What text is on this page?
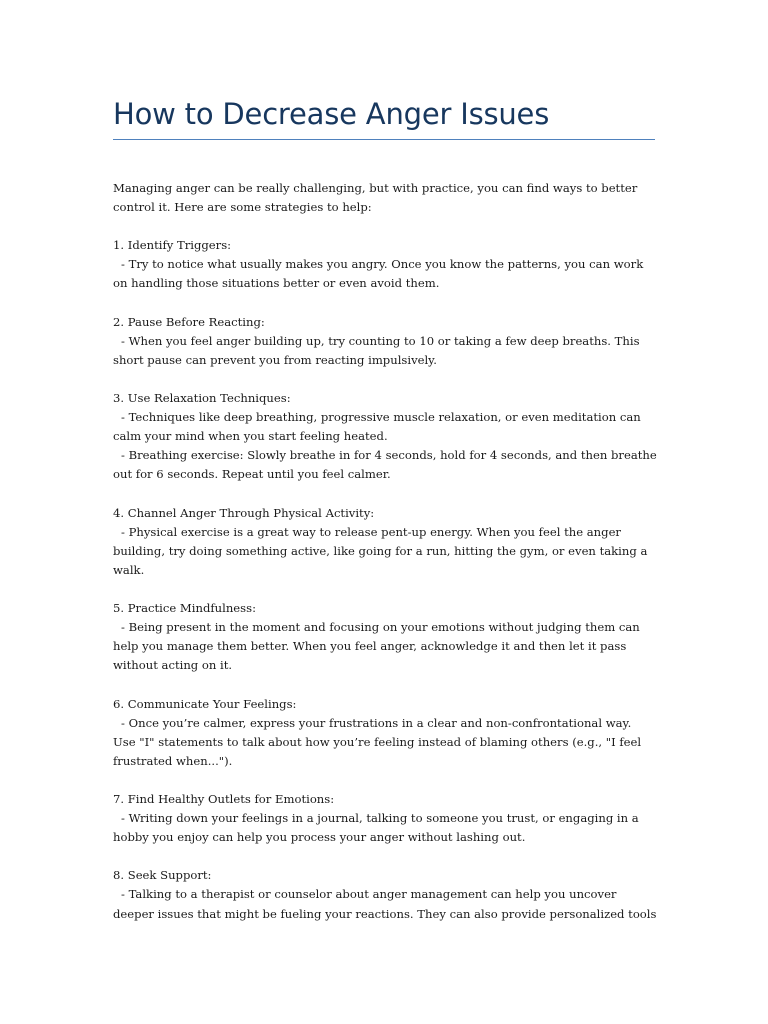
How to Decrease Anger Issues

Managing anger can be really challenging, but with practice, you can find ways to better
control it. Here are some strategies to help:

1. Identify Triggers:
- Try to notice what usually makes you angry. Once you know the patterns, you can work
on handling those situations better or even avoid them.

2. Pause Before Reacting:
- When you feel anger building up, try counting to 10 or taking a few deep breaths. This
short pause can prevent you from reacting impulsively.

3. Use Relaxation Techniques:
- Techniques like deep breathing, progressive muscle relaxation, or even meditation can
calm your mind when you start feeling heated.
- Breathing exercise: Slowly breathe in for 4 seconds, hold for 4 seconds, and then breathe
out for 6 seconds. Repeat until you feel calmer.

4. Channel Anger Through Physical Activity:
- Physical exercise is a great way to release pent-up energy. When you feel the anger
building, try doing something active, like going for a run, hitting the gym, or even taking a
walk.

5. Practice Mindfulness:
- Being present in the moment and focusing on your emotions without judging them can
help you manage them better. When you feel anger, acknowledge it and then let it pass
without acting on it.

6. Communicate Your Feelings:
- Once you’re calmer, express your frustrations in a clear and non-confrontational way.
Use "I" statements to talk about how you’re feeling instead of blaming others (e.g., "I feel
frustrated when...").

7. Find Healthy Outlets for Emotions:
- Writing down your feelings in a journal, talking to someone you trust, or engaging in a
hobby you enjoy can help you process your anger without lashing out.

8. Seek Support:
- Talking to a therapist or counselor about anger management can help you uncover
deeper issues that might be fueling your reactions. They can also provide personalized tools
